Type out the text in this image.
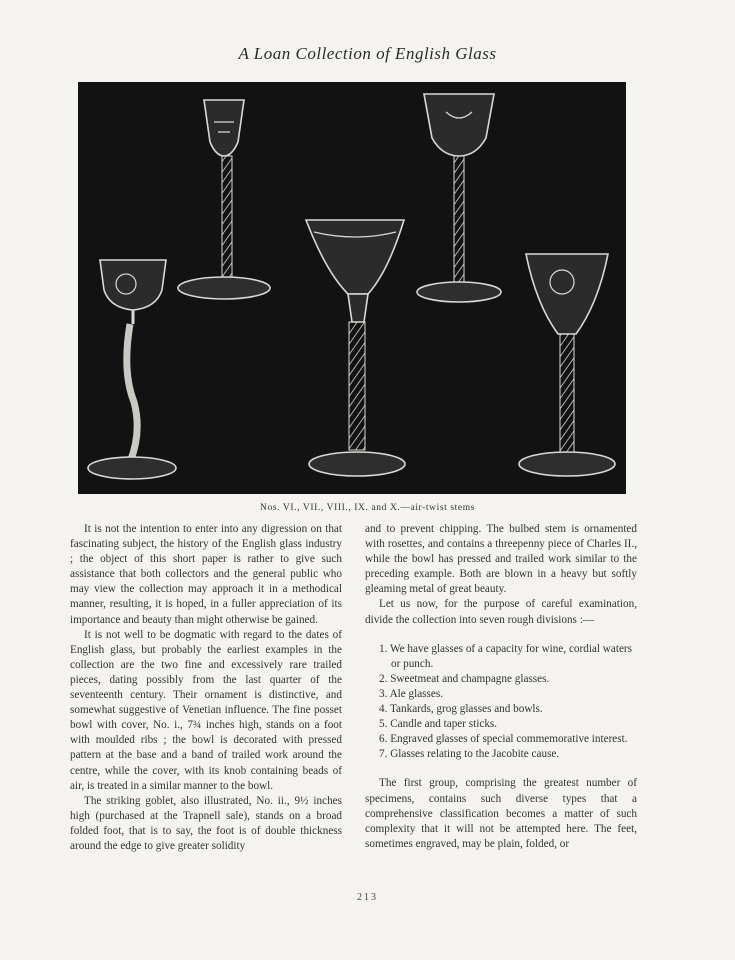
A Loan Collection of English Glass
Nos. VI., VII., VIII., IX. and X.—air-twist stems

It is not the intention to enter into any digression on that fascinating subject, the history of the English glass industry ; the object of this short paper is rather to give such assistance that both collectors and the general public who may view the collection may approach it in a methodical manner, resulting, it is hoped, in a fuller appreciation of its importance and beauty than might otherwise be gained.

It is not well to be dogmatic with regard to the dates of English glass, but probably the earliest examples in the collection are the two fine and excessively rare trailed pieces, dating possibly from the last quarter of the seventeenth century. Their ornament is distinctive, and somewhat suggestive of Venetian influence. The fine posset bowl with cover, No. i., 7¾ inches high, stands on a foot with moulded ribs ; the bowl is decorated with pressed pattern at the base and a band of trailed work around the centre, while the cover, with its knob containing beads of air, is treated in a similar manner to the bowl.

The striking goblet, also illustrated, No. ii., 9½ inches high (purchased at the Trapnell sale), stands on a broad folded foot, that is to say, the foot is of double thickness around the edge to give greater solidity

and to prevent chipping. The bulbed stem is ornamented with rosettes, and contains a threepenny piece of Charles II., while the bowl has pressed and trailed work similar to the preceding example. Both are blown in a heavy but softly gleaming metal of great beauty.

Let us now, for the purpose of careful examination, divide the collection into seven rough divisions :—

1. We have glasses of a capacity for wine, cordial waters or punch.
2. Sweetmeat and champagne glasses.
3. Ale glasses.
4. Tankards, grog glasses and bowls.
5. Candle and taper sticks.
6. Engraved glasses of special commemorative interest.
7. Glasses relating to the Jacobite cause.

The first group, comprising the greatest number of specimens, contains such diverse types that a comprehensive classification becomes a matter of such complexity that it will not be attempted here. The feet, sometimes engraved, may be plain, folded, or

213
